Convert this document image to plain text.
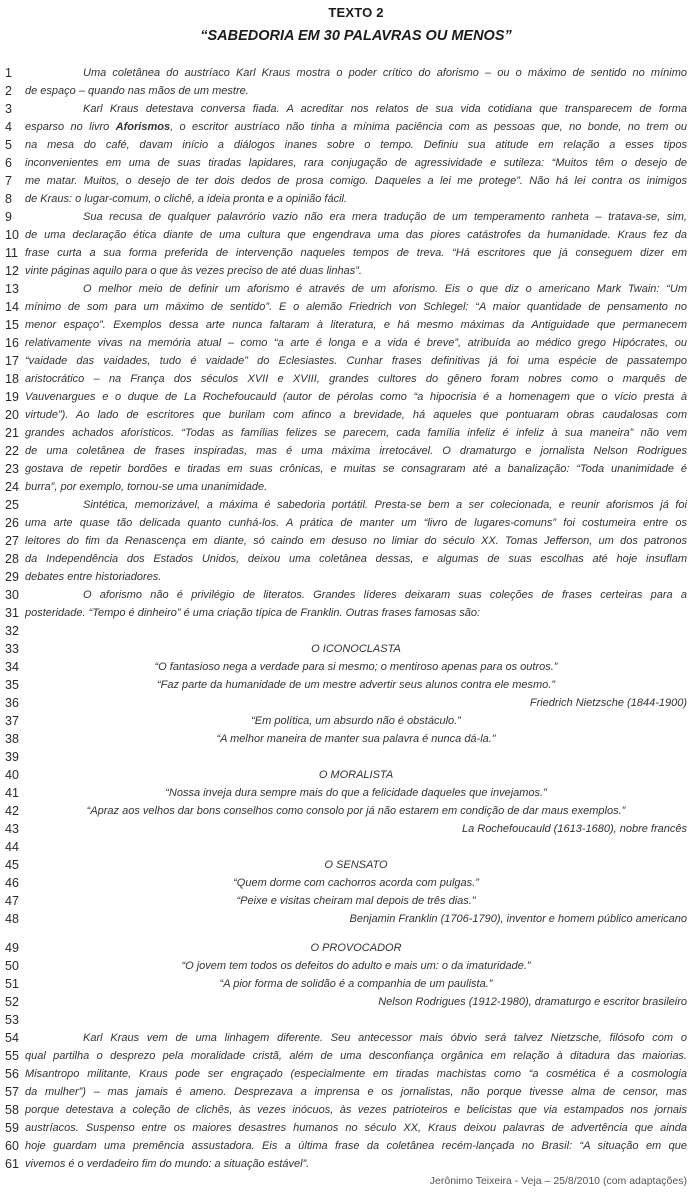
TEXTO 2
“SABEDORIA EM 30 PALAVRAS OU MENOS”
1	Uma coletânea do austríaco Karl Kraus mostra o poder crítico do aforismo – ou o máximo de sentido no mínimo
2	de espaço – quando nas mãos de um mestre.
3	Karl Kraus detestava conversa fiada. A acreditar nos relatos de sua vida cotidiana que transparecem de forma
4	esparso no livro Aforismos, o escritor austríaco não tinha a mínima paciência com as pessoas que, no bonde, no trem ou
5	na mesa do café, davam início a diálogos inanes sobre o tempo. Definiu sua atitude em relação a esses tipos
6	inconvenientes em uma de suas tiradas lapidares, rara conjugação de agressividade e sutileza: “Muitos têm o desejo de
7	me matar. Muitos, o desejo de ter dois dedos de prosa comigo. Daqueles a lei me protege”. Não há lei contra os inimigos
8	de Kraus: o lugar-comum, o clichê, a ideia pronta e a opinião fácil.
9	Sua recusa de qualquer palavrório vazio não era mera tradução de um temperamento ranheta – tratava-se, sim,
10 de uma declaração ética diante de uma cultura que engendrava uma das piores catástrofes da humanidade. Kraus fez da
11 frase curta a sua forma preferida de intervenção naqueles tempos de treva. “Há escritores que já conseguem dizer em
12 vinte páginas aquilo para o que às vezes preciso de até duas linhas”.
13	O melhor meio de definir um aforismo é através de um aforismo. Eis o que diz o americano Mark Twain: “Um
14 mínimo de som para um máximo de sentido”. E o alemão Friedrich von Schlegel: “A maior quantidade de pensamento no
15 menor espaço”. Exemplos dessa arte nunca faltaram à literatura, e há mesmo máximas da Antiguidade que permanecem
16 relativamente vivas na memória atual – como “a arte é longa e a vida é breve”, atribuída ao médico grego Hipócrates, ou
17 “vaidade das vaidades, tudo é vaidade” do Eclesiastes. Cunhar frases definitivas já foi uma espécie de passatempo
18 aristocrático – na França dos séculos XVII e XVIII, grandes cultores do gênero foram nobres como o marquês de
19 Vauvenargues e o duque de La Rochefoucauld (autor de pérolas como “a hipocrisia é a homenagem que o vício presta à
20 virtude”). Ao lado de escritores que burilam com afinco a brevidade, há aqueles que pontuaram obras caudalosas com
21 grandes achados aforísticos. “Todas as famílias felizes se parecem, cada família infeliz é infeliz à sua maneira” não vem
22 de uma coletânea de frases inspiradas, mas é uma máxima irretocável. O dramaturgo e jornalista Nelson Rodrigues
23 gostava de repetir bordões e tiradas em suas crônicas, e muitas se consagraram até a banalização: “Toda unanimidade é
24 burra”, por exemplo, tornou-se uma unanimidade.
25	Sintética, memorizável, a máxima é sabedoria portátil. Presta-se bem a ser colecionada, e reunir aforismos já foi
26 uma arte quase tão delicada quanto cunhá-los. A prática de manter um “livro de lugares-comuns” foi costumeira entre os
27 leitores do fim da Renascença em diante, só caindo em desuso no limiar do século XX. Tomas Jefferson, um dos patronos
28 da Independência dos Estados Unidos, deixou uma coletânea dessas, e algumas de suas escolhas até hoje insuflam
29 debates entre historiadores.
30	O aforismo não é privilégio de literatos. Grandes líderes deixaram suas coleções de frases certeiras para a
31 posteridade. “Tempo é dinheiro” é uma criação típica de Franklin. Outras frases famosas são:
32
33	O ICONOCLASTA
34	“O fantasioso nega a verdade para si mesmo; o mentiroso apenas para os outros.”
35	“Faz parte da humanidade de um mestre advertir seus alunos contra ele mesmo.”
36	Friedrich Nietzsche (1844-1900)
37	“Em política, um absurdo não é obstáculo.”
38	“A melhor maneira de manter sua palavra é nunca dá-la.”
39
40	O MORALISTA
41	“Nossa inveja dura sempre mais do que a felicidade daqueles que invejamos.”
42	“Apraz aos velhos dar bons conselhos como consolo por já não estarem em condição de dar maus exemplos.”
43	La Rochefoucauld (1613-1680), nobre francês
44
45	O SENSATO
46	“Quem dorme com cachorros acorda com pulgas.”
47	“Peixe e visitas cheiram mal depois de três dias.”
48	Benjamin Franklin (1706-1790), inventor e homem público americano
49	O PROVOCADOR
50	“O jovem tem todos os defeitos do adulto e mais um: o da imaturidade.”
51	“A pior forma de solidão é a companhia de um paulista.”
52	Nelson Rodrigues (1912-1980), dramaturgo e escritor brasileiro
53
54	Karl Kraus vem de uma linhagem diferente. Seu antecessor mais óbvio será talvez Nietzsche, filósofo com o
55 qual partilha o desprezo pela moralidade cristã, além de uma desconfiança orgânica em relação à ditadura das maiorias.
56 Misantropo militante, Kraus pode ser engraçado (especialmente em tiradas machistas como “a cosmética é a cosmologia
57 da mulher”) – mas jamais é ameno. Desprezava a imprensa e os jornalistas, não porque tivesse alma de censor, mas
58 porque detestava a coleção de clichês, às vezes inócuos, às vezes patrioteiros e belicistas que via estampados nos jornais
59 austríacos. Suspenso entre os maiores desastres humanos no século XX, Kraus deixou palavras de advertência que ainda
60 hoje guardam uma premência assustadora. Eis a última frase da coletânea recém-lançada no Brasil: “A situação em que
61 vivemos é o verdadeiro fim do mundo: a situação estável”.
Jerônimo Teixeira - Veja – 25/8/2010 (com adaptações)
